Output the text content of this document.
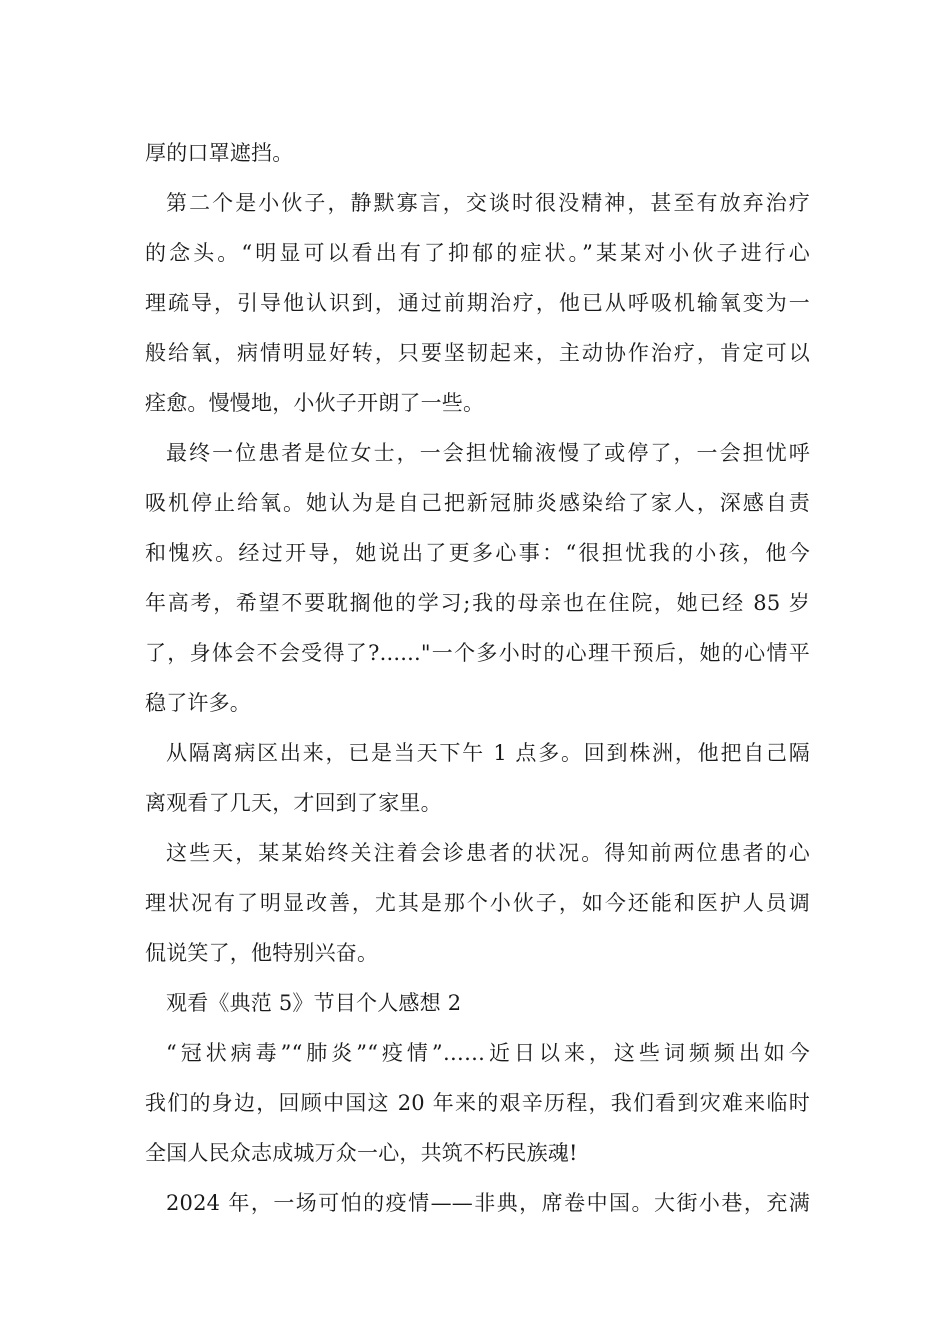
厚的口罩遮挡。
第二个是小伙子，静默寡言，交谈时很没精神，甚至有放弃治疗
的念头。“明显可以看出有了抑郁的症状。”某某对小伙子进行心
理疏导，引导他认识到，通过前期治疗，他已从呼吸机输氧变为一
般给氧，病情明显好转，只要坚韧起来，主动协作治疗，肯定可以
痊愈。慢慢地，小伙子开朗了一些。
最终一位患者是位女士，一会担忧输液慢了或停了，一会担忧呼
吸机停止给氧。她认为是自己把新冠肺炎感染给了家人，深感自责
和愧疚。经过开导，她说出了更多心事：“很担忧我的小孩，他今
年高考，希望不要耽搁他的学习;我的母亲也在住院，她已经 85 岁
了，身体会不会受得了?......"一个多小时的心理干预后，她的心情平
稳了许多。
从隔离病区出来，已是当天下午 1 点多。回到株洲，他把自己隔
离观看了几天，才回到了家里。
这些天，某某始终关注着会诊患者的状况。得知前两位患者的心
理状况有了明显改善，尤其是那个小伙子，如今还能和医护人员调
侃说笑了，他特别兴奋。
观看《典范 5》节目个人感想 2
“冠状病毒”“肺炎”“疫情”……近日以来，这些词频频出如今
我们的身边，回顾中国这 20 年来的艰辛历程，我们看到灾难来临时
全国人民众志成城万众一心，共筑不朽民族魂!
2024 年，一场可怕的疫情——非典，席卷中国。大街小巷，充满
